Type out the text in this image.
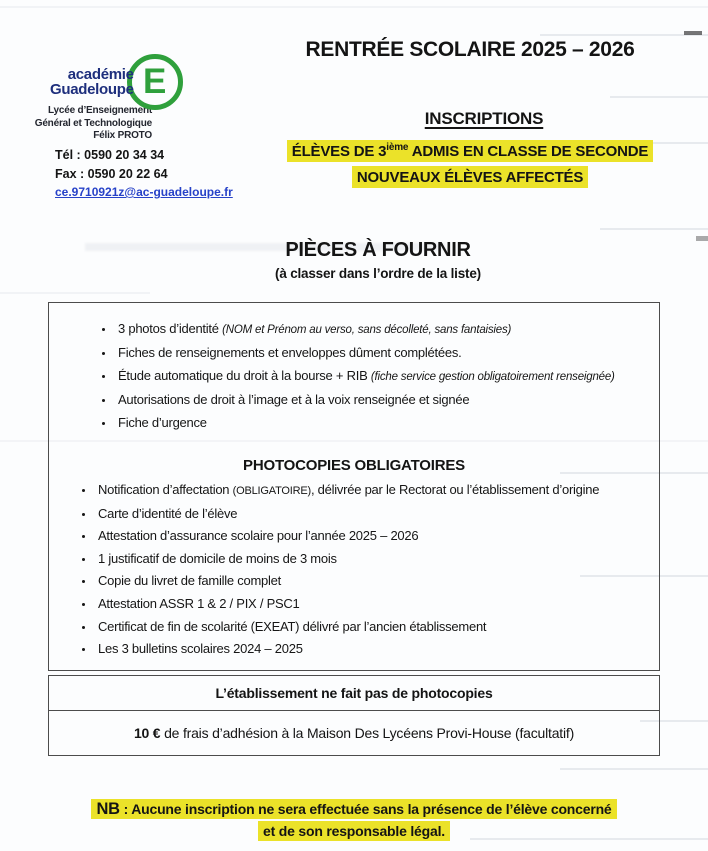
académie
Guadeloupe E
Lycée d’Enseignement
Général et Technologique
Félix PROTO
Tél : 0590 20 34 34
Fax : 0590 20 22 64
ce.9710921z@ac-guadeloupe.fr
RENTRÉE SCOLAIRE 2025 – 2026
INSCRIPTIONS
ÉLÈVES DE 3ième ADMIS EN CLASSE DE SECONDE
NOUVEAUX ÉLÈVES AFFECTÉS
PIÈCES À FOURNIR
(à classer dans l’ordre de la liste)
• 3 photos d’identité (NOM et Prénom au verso, sans décolleté, sans fantaisies)
• Fiches de renseignements et enveloppes dûment complétées.
• Étude automatique du droit à la bourse + RIB (fiche service gestion obligatoirement renseignée)
• Autorisations de droit à l’image et à la voix renseignée et signée
• Fiche d’urgence
PHOTOCOPIES OBLIGATOIRES
• Notification d’affectation (OBLIGATOIRE), délivrée par le Rectorat ou l’établissement d’origine
• Carte d’identité de l’élève
• Attestation d’assurance scolaire pour l’année 2025 – 2026
• 1 justificatif de domicile de moins de 3 mois
• Copie du livret de famille complet
• Attestation ASSR 1 & 2 / PIX / PSC1
• Certificat de fin de scolarité (EXEAT) délivré par l’ancien établissement
• Les 3 bulletins scolaires 2024 – 2025
L’établissement ne fait pas de photocopies
10 € de frais d’adhésion à la Maison Des Lycéens Provi-House (facultatif)
NB : Aucune inscription ne sera effectuée sans la présence de l’élève concerné
et de son responsable légal.
